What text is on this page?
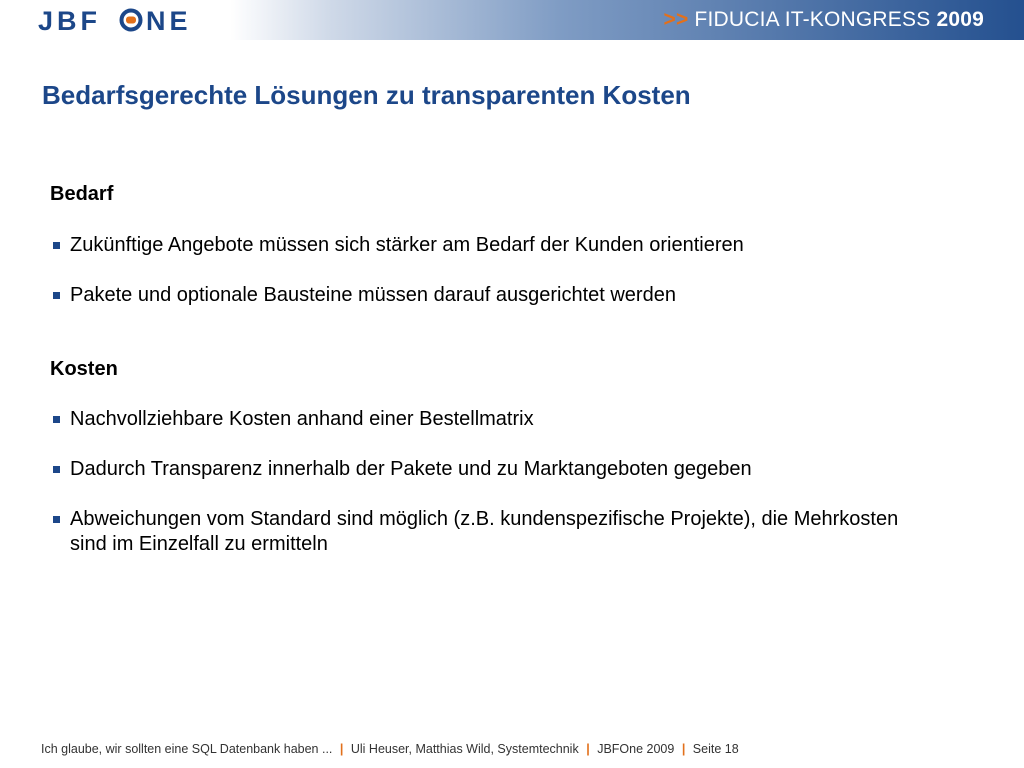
JBF NE	>> FIDUCIA IT-KONGRESS 2009
Bedarfsgerechte Lösungen zu transparenten Kosten
Bedarf
Zukünftige Angebote müssen sich stärker am Bedarf der Kunden orientieren
Pakete und optionale Bausteine müssen darauf ausgerichtet werden
Kosten
Nachvollziehbare Kosten anhand einer Bestellmatrix
Dadurch Transparenz innerhalb der Pakete und zu Marktangeboten gegeben
Abweichungen vom Standard sind möglich (z.B. kundenspezifische Projekte), die Mehrkosten sind im Einzelfall zu ermitteln
Ich glaube, wir sollten eine SQL Datenbank haben ... | Uli Heuser, Matthias Wild, Systemtechnik | JBFOne 2009 | Seite 18
